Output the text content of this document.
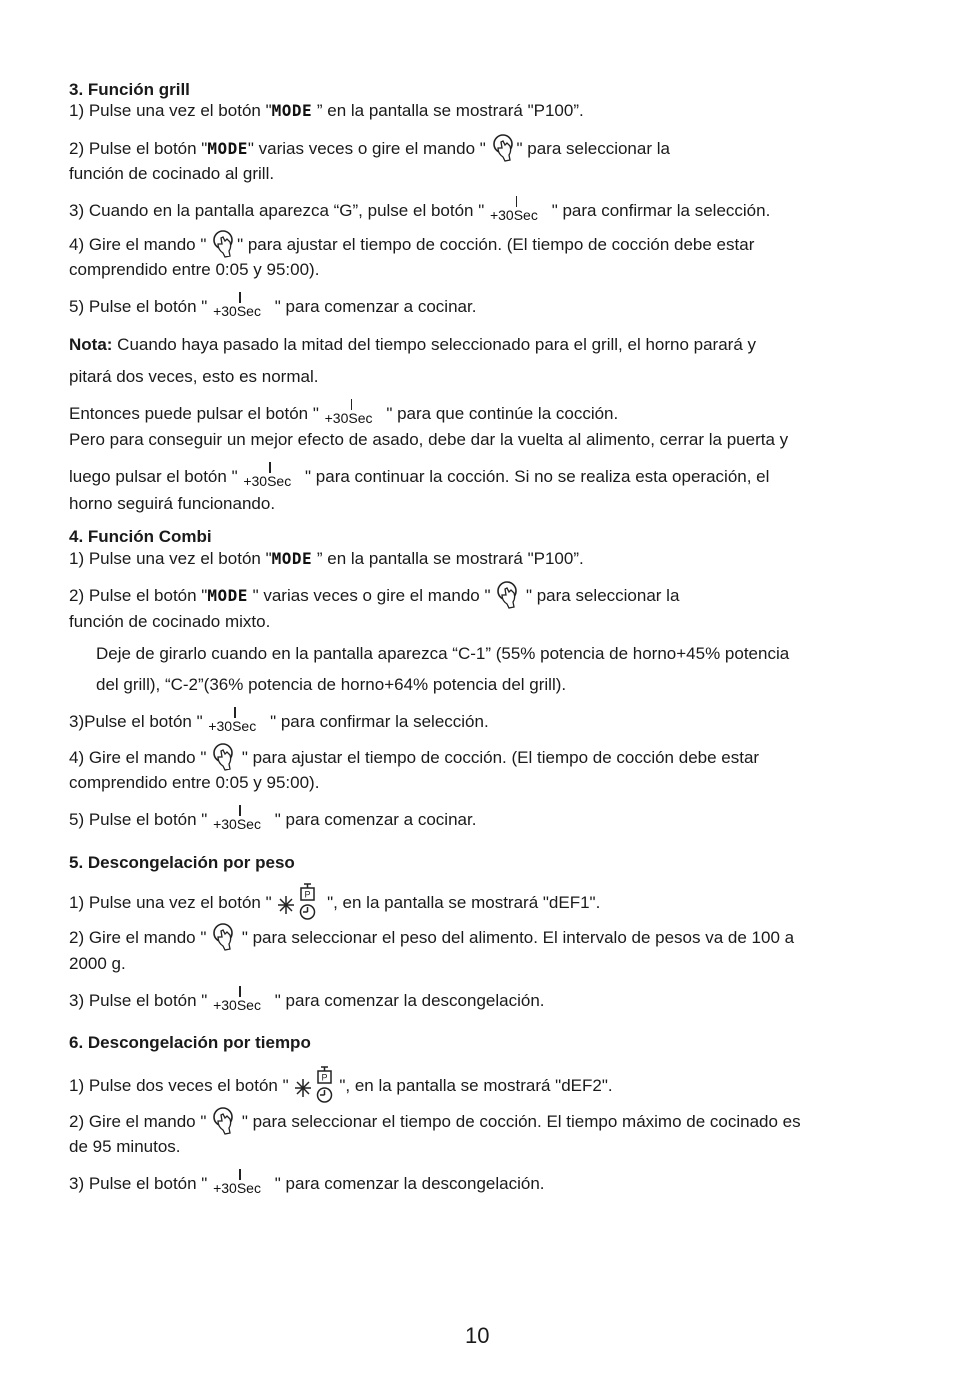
3. Función grill
1) Pulse una vez el botón "MODE ” en la pantalla se mostrará "P100”.
2) Pulse el botón "MODE" varias veces o gire el mando "
" para seleccionar la
función de cocinado al grill.
3) Cuando en la pantalla aparezca “G”, pulse el botón " +30Sec " para confirmar la selección.
4) Gire el mando "
" para ajustar el tiempo de cocción. (El tiempo de cocción debe estar
comprendido entre 0:05 y 95:00).
5) Pulse el botón " +30Sec " para comenzar a cocinar.
Nota: Cuando haya pasado la mitad del tiempo seleccionado para el grill, el horno parará y
pitará dos veces, esto es normal.
Entonces puede pulsar el botón " +30Sec " para que continúe la cocción.
Pero para conseguir un mejor efecto de asado, debe dar la vuelta al alimento, cerrar la puerta y
luego pulsar el botón " +30Sec " para continuar la cocción. Si no se realiza esta operación, el
horno seguirá funcionando.
4. Función Combi
1) Pulse una vez el botón "MODE ” en la pantalla se mostrará "P100”.
2) Pulse el botón "MODE " varias veces o gire el mando "
" para seleccionar la
función de cocinado mixto.
Deje de girarlo cuando en la pantalla aparezca “C-1” (55% potencia de horno+45% potencia
del grill), “C-2”(36% potencia de horno+64% potencia del grill).
3)Pulse el botón " +30Sec " para confirmar la selección.
4) Gire el mando "
" para ajustar el tiempo de cocción. (El tiempo de cocción debe estar
comprendido entre 0:05 y 95:00).
5) Pulse el botón " +30Sec " para comenzar a cocinar.
5. Descongelación por peso
1) Pulse una vez el botón "	P ", en la pantalla se mostrará "dEF1".
2) Gire el mando "
" para seleccionar el peso del alimento. El intervalo de pesos va de 100 a
2000 g.
3) Pulse el botón " +30Sec " para comenzar la descongelación.
6. Descongelación por tiempo
1) Pulse dos veces el botón "	P ", en la pantalla se mostrará "dEF2".
2) Gire el mando "
" para seleccionar el tiempo de cocción. El tiempo máximo de cocinado es
de 95 minutos.
3) Pulse el botón " +30Sec " para comenzar la descongelación.
10
